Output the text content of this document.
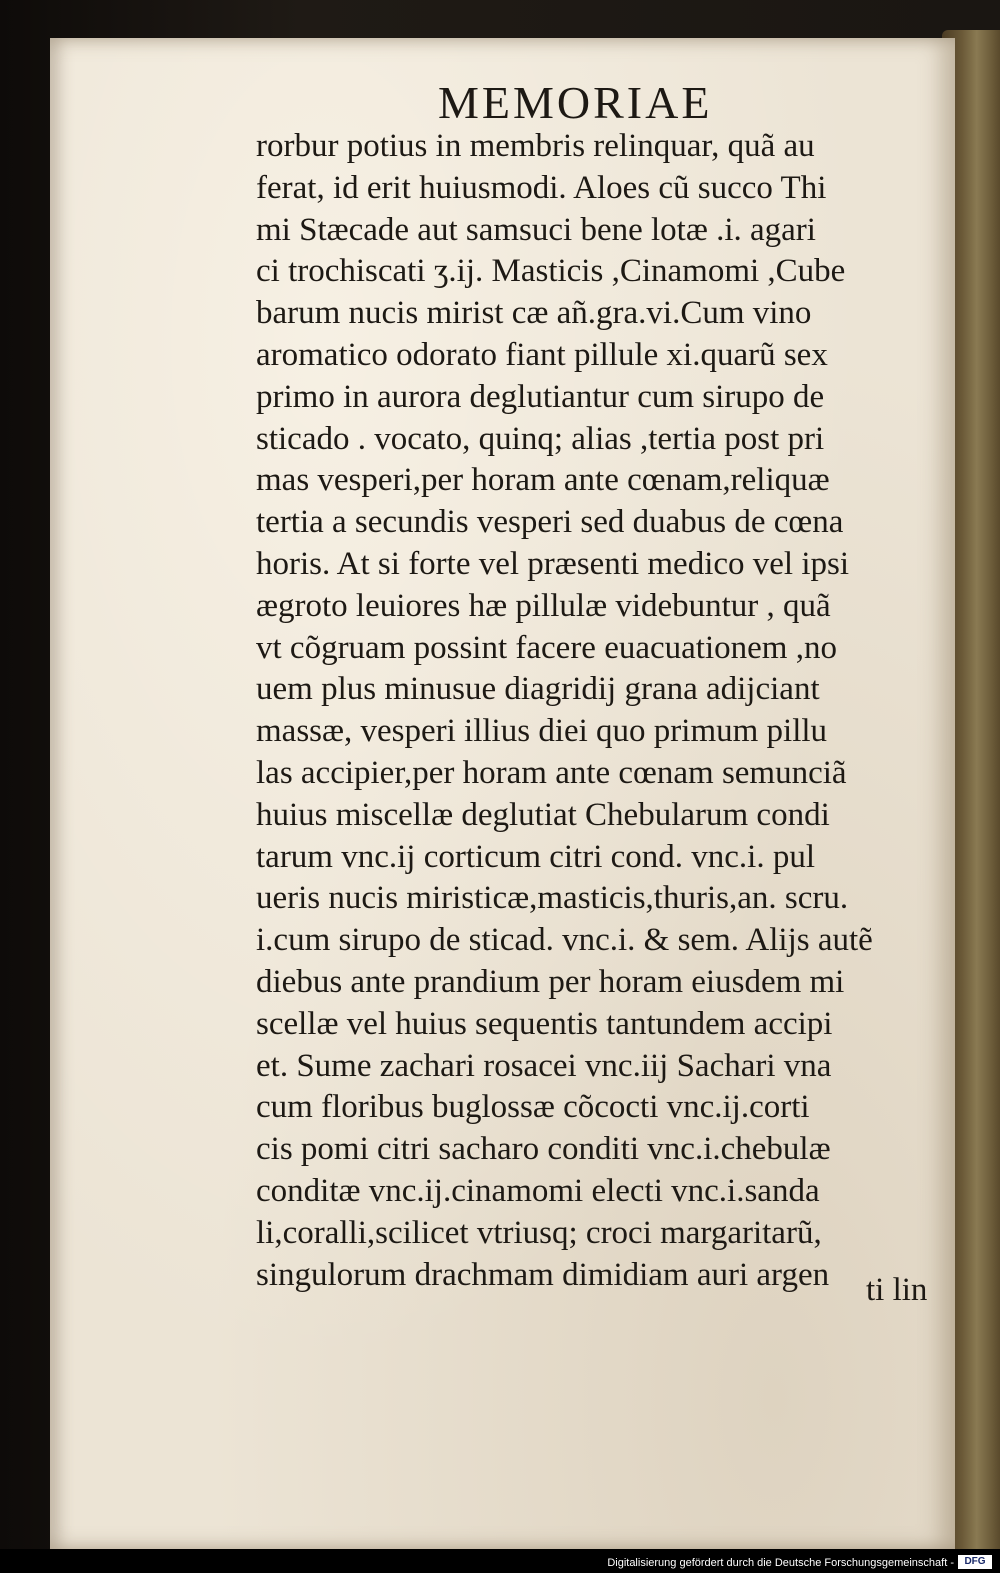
MEMORIAE
rorbur potius in membris relinquar, quã au
ferat, id erit huiusmodi. Aloes cũ succo Thi
mi Stæcade aut samsuci bene lotæ .i. agari
ci trochiscati ʒ.ij. Masticis ,Cinamomi ,Cube
barum nucis mirist cæ añ.gra.vi.Cum vino
aromatico odorato fiant pillule xi.quarũ sex
primo in aurora deglutiantur cum sirupo de
sticado . vocato, quinq; alias ,tertia post pri
mas vesperi,per horam ante cœnam,reliquæ
tertia a secundis vesperi sed duabus de cœna
horis. At si forte vel præsenti medico vel ipsi
ægroto leuiores hæ pillulæ videbuntur , quã
vt cõgruam possint facere euacuationem ,no
uem plus minusue diagridij grana adijciant
massæ, vesperi illius diei quo primum pillu
las accipier,per horam ante cœnam semunciã
huius miscellæ deglutiat Chebularum condi
tarum vnc.ij corticum citri cond. vnc.i. pul
ueris nucis miristicæ,masticis,thuris,an. scru.
i.cum sirupo de sticad. vnc.i. & sem. Alijs autẽ
diebus ante prandium per horam eiusdem mi
scellæ vel huius sequentis tantundem accipi
et. Sume zachari rosacei vnc.iij Sachari vna
cum floribus buglossæ cõcocti vnc.ij.corti
cis pomi citri sacharo conditi vnc.i.chebulæ
conditæ vnc.ij.cinamomi electi vnc.i.sanda
li,coralli,scilicet vtriusq; croci margaritarũ,
singulorum drachmam dimidiam auri argen	ti lin
Digitalisierung gefördert durch die Deutsche Forschungsgemeinschaft -	DFG
